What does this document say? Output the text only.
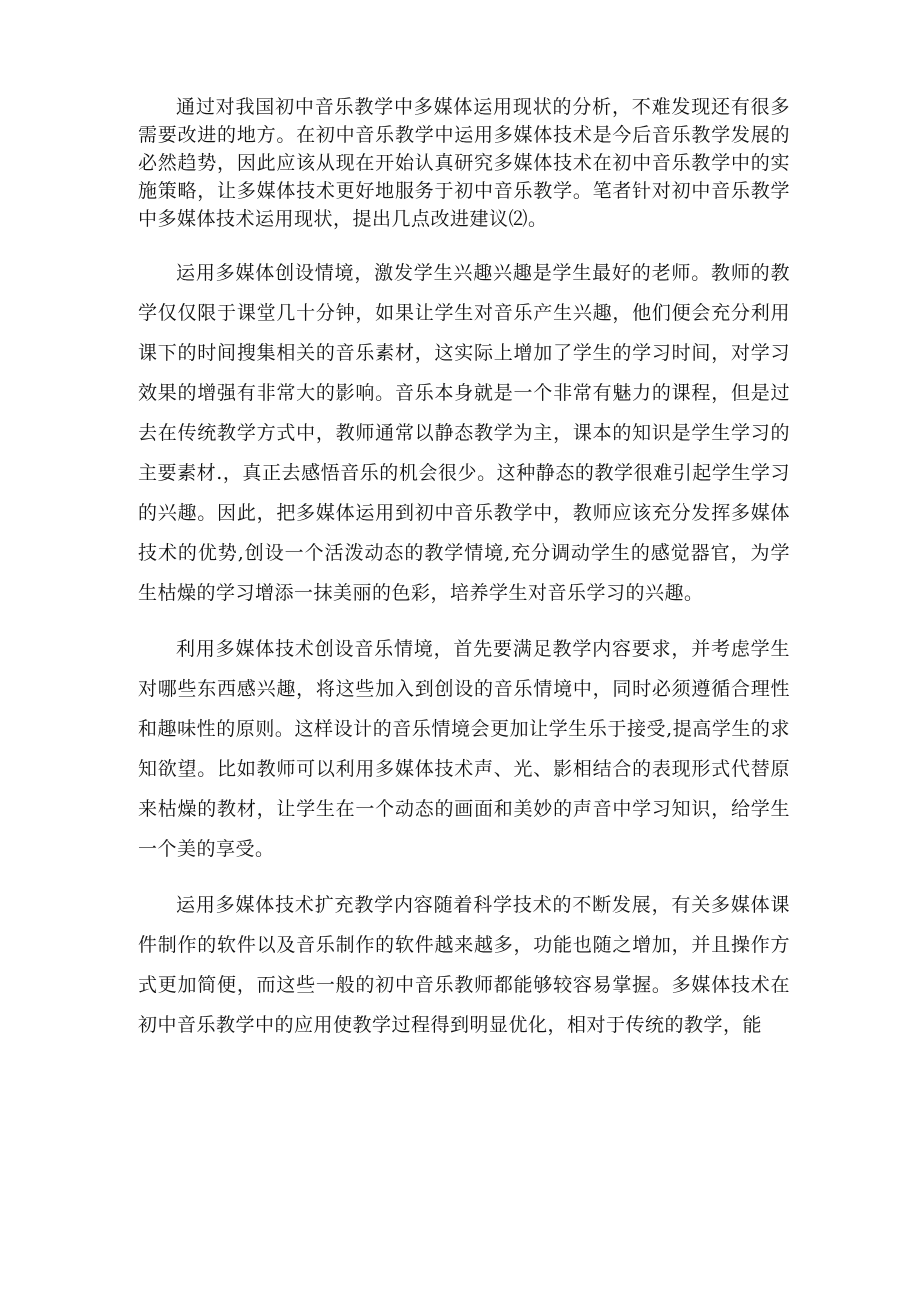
通过对我国初中音乐教学中多媒体运用现状的分析，不难发现还有很多需要改进的地方。在初中音乐教学中运用多媒体技术是今后音乐教学发展的必然趋势，因此应该从现在开始认真研究多媒体技术在初中音乐教学中的实施策略，让多媒体技术更好地服务于初中音乐教学。笔者针对初中音乐教学中多媒体技术运用现状，提出几点改进建议⑵。

运用多媒体创设情境，激发学生兴趣兴趣是学生最好的老师。教师的教学仅仅限于课堂几十分钟，如果让学生对音乐产生兴趣，他们便会充分利用课下的时间搜集相关的音乐素材，这实际上增加了学生的学习时间，对学习效果的增强有非常大的影响。音乐本身就是一个非常有魅力的课程，但是过去在传统教学方式中，教师通常以静态教学为主，课本的知识是学生学习的主要素材.，真正去感悟音乐的机会很少。这种静态的教学很难引起学生学习的兴趣。因此，把多媒体运用到初中音乐教学中，教师应该充分发挥多媒体技术的优势,创设一个活泼动态的教学情境,充分调动学生的感觉器官，为学生枯燥的学习增添一抹美丽的色彩，培养学生对音乐学习的兴趣。

利用多媒体技术创设音乐情境，首先要满足教学内容要求，并考虑学生对哪些东西感兴趣，将这些加入到创设的音乐情境中，同时必须遵循合理性和趣味性的原则。这样设计的音乐情境会更加让学生乐于接受,提高学生的求知欲望。比如教师可以利用多媒体技术声、光、影相结合的表现形式代替原来枯燥的教材，让学生在一个动态的画面和美妙的声音中学习知识，给学生一个美的享受。

运用多媒体技术扩充教学内容随着科学技术的不断发展，有关多媒体课件制作的软件以及音乐制作的软件越来越多，功能也随之增加，并且操作方式更加简便，而这些一般的初中音乐教师都能够较容易掌握。多媒体技术在初中音乐教学中的应用使教学过程得到明显优化，相对于传统的教学，能
